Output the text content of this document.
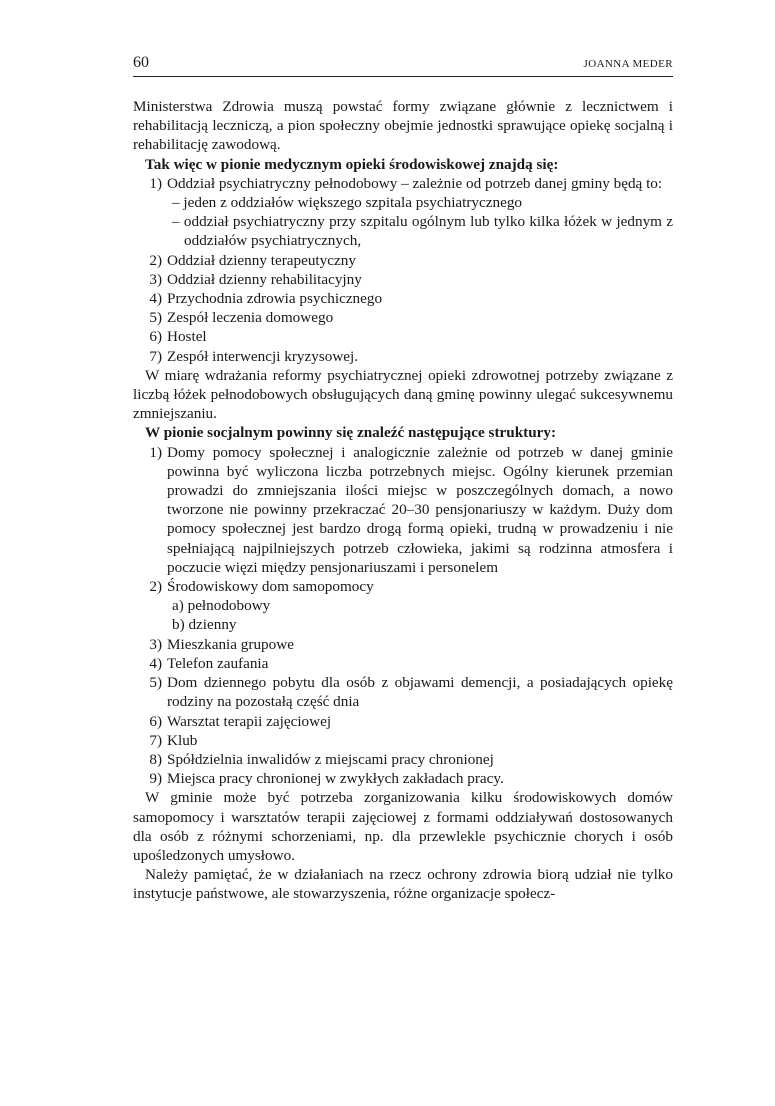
60	JOANNA MEDER

Ministerstwa Zdrowia muszą powstać formy związane głównie z lecznictwem i rehabilitacją leczniczą, a pion społeczny obejmie jednostki sprawujące opiekę socjalną i rehabilitację zawodową.

Tak więc w pionie medycznym opieki środowiskowej znajdą się:

1) Oddział psychiatryczny pełnodobowy – zależnie od potrzeb danej gminy będą to:
– jeden z oddziałów większego szpitala psychiatrycznego
– oddział psychiatryczny przy szpitalu ogólnym lub tylko kilka łóżek w jednym z oddziałów psychiatrycznych,
2) Oddział dzienny terapeutyczny
3) Oddział dzienny rehabilitacyjny
4) Przychodnia zdrowia psychicznego
5) Zespół leczenia domowego
6) Hostel
7) Zespół interwencji kryzysowej.

W miarę wdrażania reformy psychiatrycznej opieki zdrowotnej potrzeby związane z liczbą łóżek pełnodobowych obsługujących daną gminę powinny ulegać sukcesywnemu zmniejszaniu.

W pionie socjalnym powinny się znaleźć następujące struktury:

1) Domy pomocy społecznej i analogicznie zależnie od potrzeb w danej gminie powinna być wyliczona liczba potrzebnych miejsc. Ogólny kierunek przemian prowadzi do zmniejszania ilości miejsc w poszczególnych domach, a nowo tworzone nie powinny przekraczać 20–30 pensjonariuszy w każdym. Duży dom pomocy społecznej jest bardzo drogą formą opieki, trudną w prowadzeniu i nie spełniającą najpilniejszych potrzeb człowieka, jakimi są rodzinna atmosfera i poczucie więzi między pensjonariuszami i personelem
2) Środowiskowy dom samopomocy
a) pełnodobowy
b) dzienny
3) Mieszkania grupowe
4) Telefon zaufania
5) Dom dziennego pobytu dla osób z objawami demencji, a posiadających opiekę rodziny na pozostałą część dnia
6) Warsztat terapii zajęciowej
7) Klub
8) Spółdzielnia inwalidów z miejscami pracy chronionej
9) Miejsca pracy chronionej w zwykłych zakładach pracy.

W gminie może być potrzeba zorganizowania kilku środowiskowych domów samopomocy i warsztatów terapii zajęciowej z formami oddziaływań dostosowanych dla osób z różnymi schorzeniami, np. dla przewlekle psychicznie chorych i osób upośledzonych umysłowo.

Należy pamiętać, że w działaniach na rzecz ochrony zdrowia biorą udział nie tylko instytucje państwowe, ale stowarzyszenia, różne organizacje społecz-
